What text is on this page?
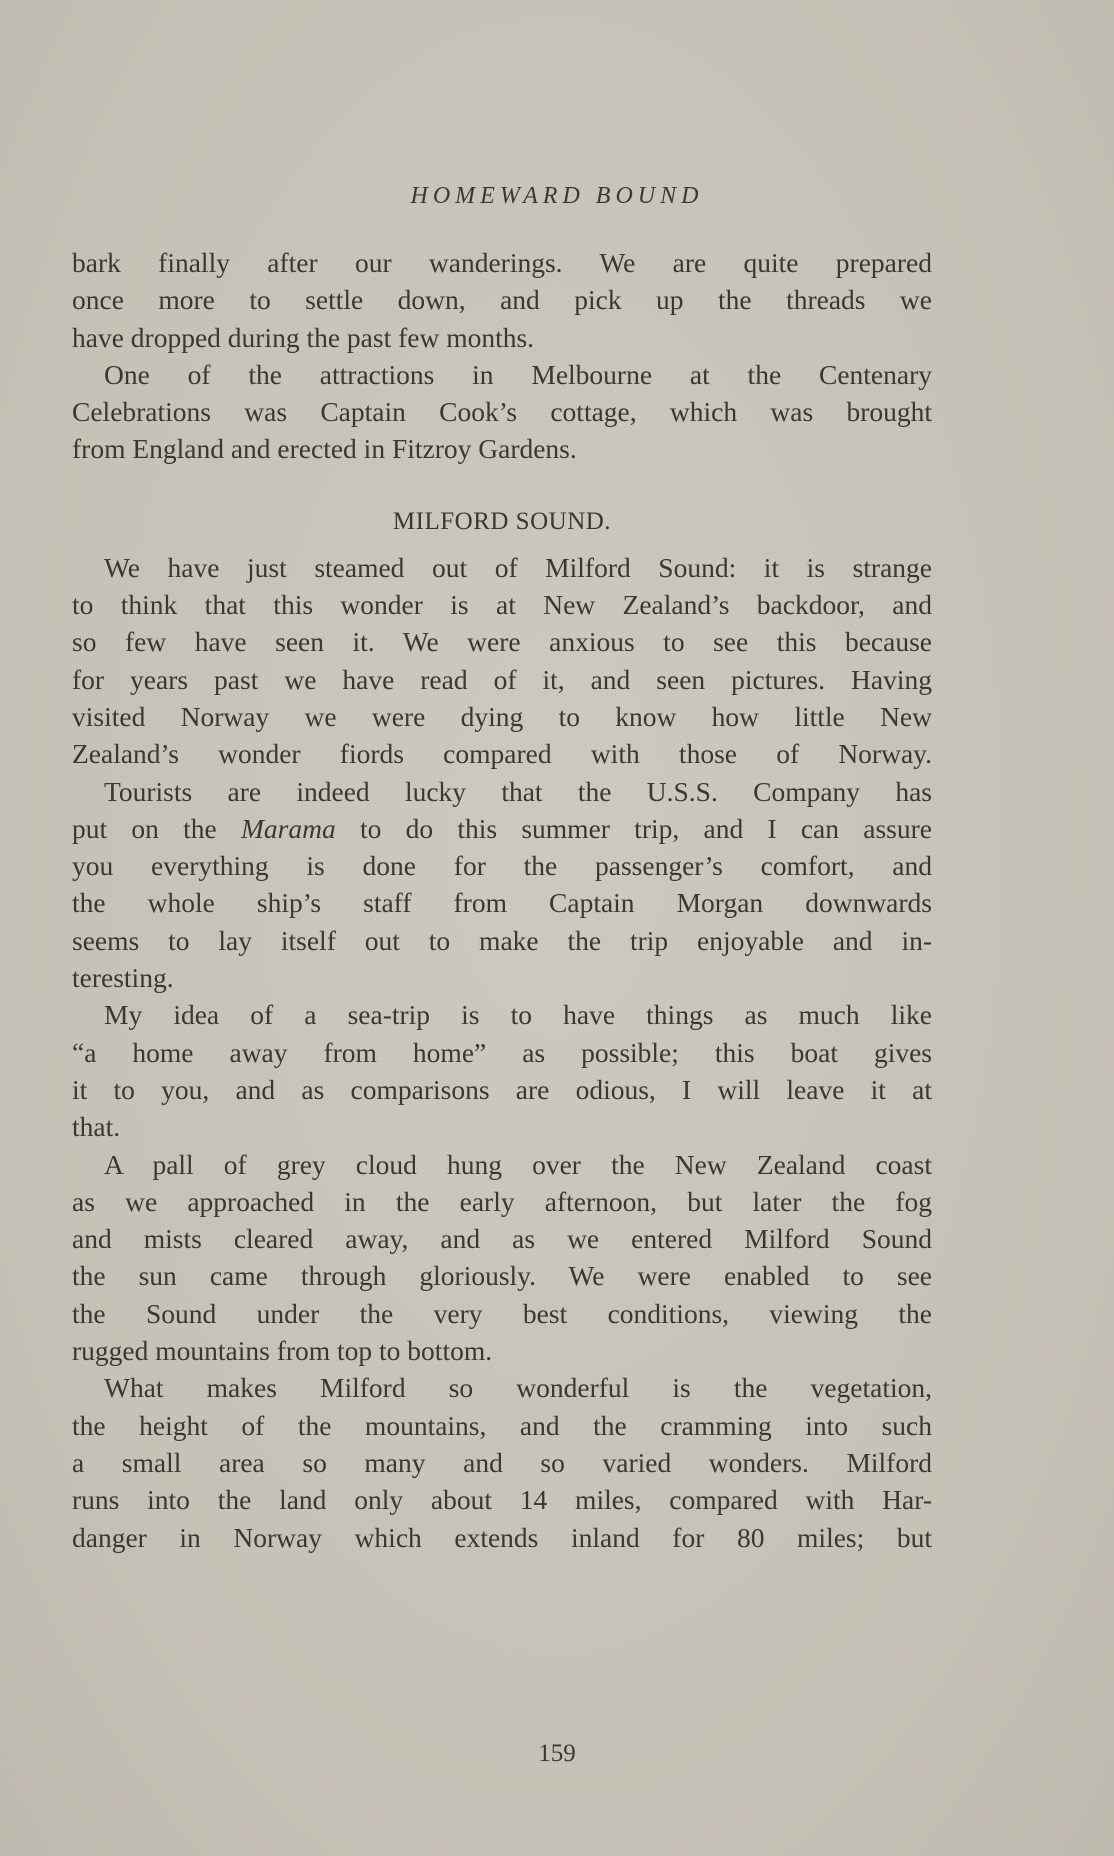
HOMEWARD BOUND
bark finally after our wanderings. We are quite prepared
once more to settle down, and pick up the threads we
have dropped during the past few months.
One of the attractions in Melbourne at the Centenary
Celebrations was Captain Cook’s cottage, which was brought
from England and erected in Fitzroy Gardens.
MILFORD SOUND.
We have just steamed out of Milford Sound: it is strange
to think that this wonder is at New Zealand’s backdoor, and
so few have seen it. We were anxious to see this because
for years past we have read of it, and seen pictures. Having
visited Norway we were dying to know how little New
Zealand’s wonder fiords compared with those of Norway.
Tourists are indeed lucky that the U.S.S. Company has
put on the Marama to do this summer trip, and I can assure
you everything is done for the passenger’s comfort, and
the whole ship’s staff from Captain Morgan downwards
seems to lay itself out to make the trip enjoyable and in-
teresting.
My idea of a sea-trip is to have things as much like
“a home away from home” as possible; this boat gives
it to you, and as comparisons are odious, I will leave it at
that.
A pall of grey cloud hung over the New Zealand coast
as we approached in the early afternoon, but later the fog
and mists cleared away, and as we entered Milford Sound
the sun came through gloriously. We were enabled to see
the Sound under the very best conditions, viewing the
rugged mountains from top to bottom.
What makes Milford so wonderful is the vegetation,
the height of the mountains, and the cramming into such
a small area so many and so varied wonders. Milford
runs into the land only about 14 miles, compared with Har-
danger in Norway which extends inland for 80 miles; but
159
